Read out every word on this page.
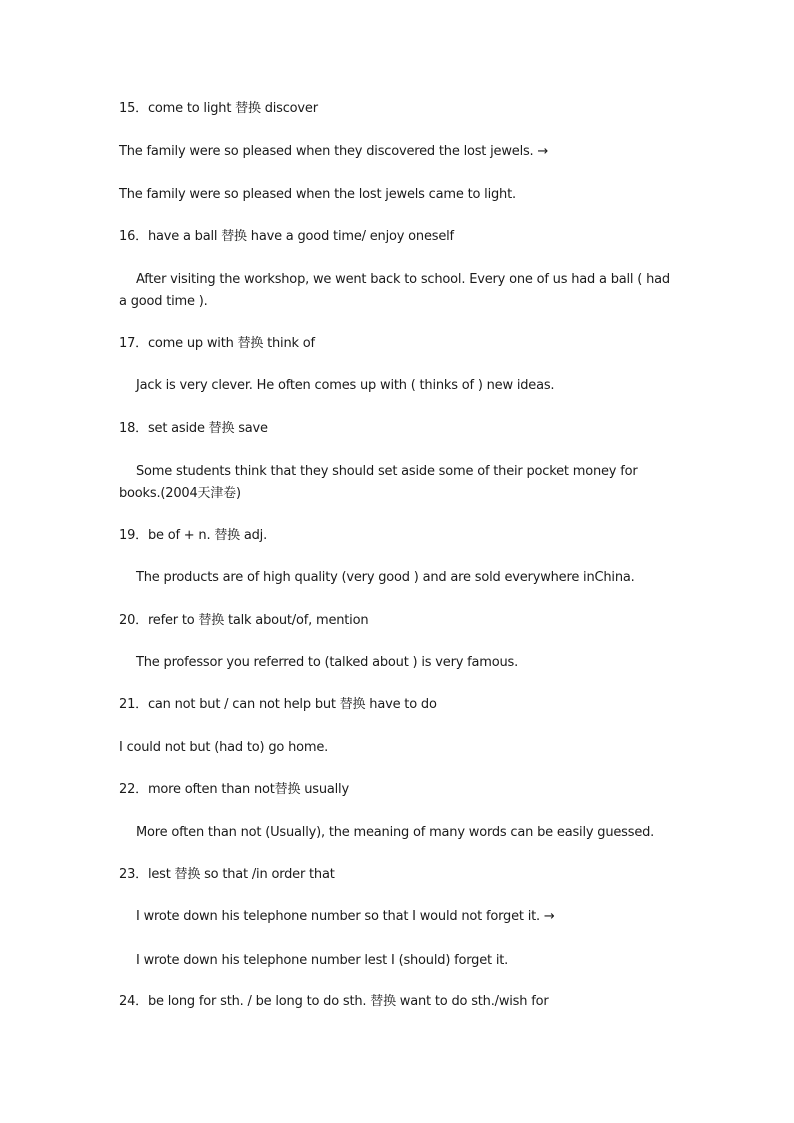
15．come to light 替换 discover
The family were so pleased when they discovered the lost jewels. →
The family were so pleased when the lost jewels came to light.
16．have a ball 替换 have a good time/ enjoy oneself
After visiting the workshop, we went back to school. Every one of us had a ball ( had a good time ).
17．come up with 替换 think of
Jack is very clever. He often comes up with ( thinks of ) new ideas.
18．set aside 替换 save
Some students think that they should set aside some of their pocket money for books.(2004天津卷)
19．be of + n. 替换 adj.
The products are of high quality (very good ) and are sold everywhere inChina.
20．refer to 替换 talk about/of, mention
The professor you referred to (talked about ) is very famous.
21．can not but / can not help but 替换 have to do
I could not but (had to) go home.
22．more often than not替换 usually
More often than not (Usually), the meaning of many words can be easily guessed.
23．lest 替换 so that /in order that
I wrote down his telephone number so that I would not forget it. →
I wrote down his telephone number lest I (should) forget it.
24．be long for sth. / be long to do sth. 替换 want to do sth./wish for
